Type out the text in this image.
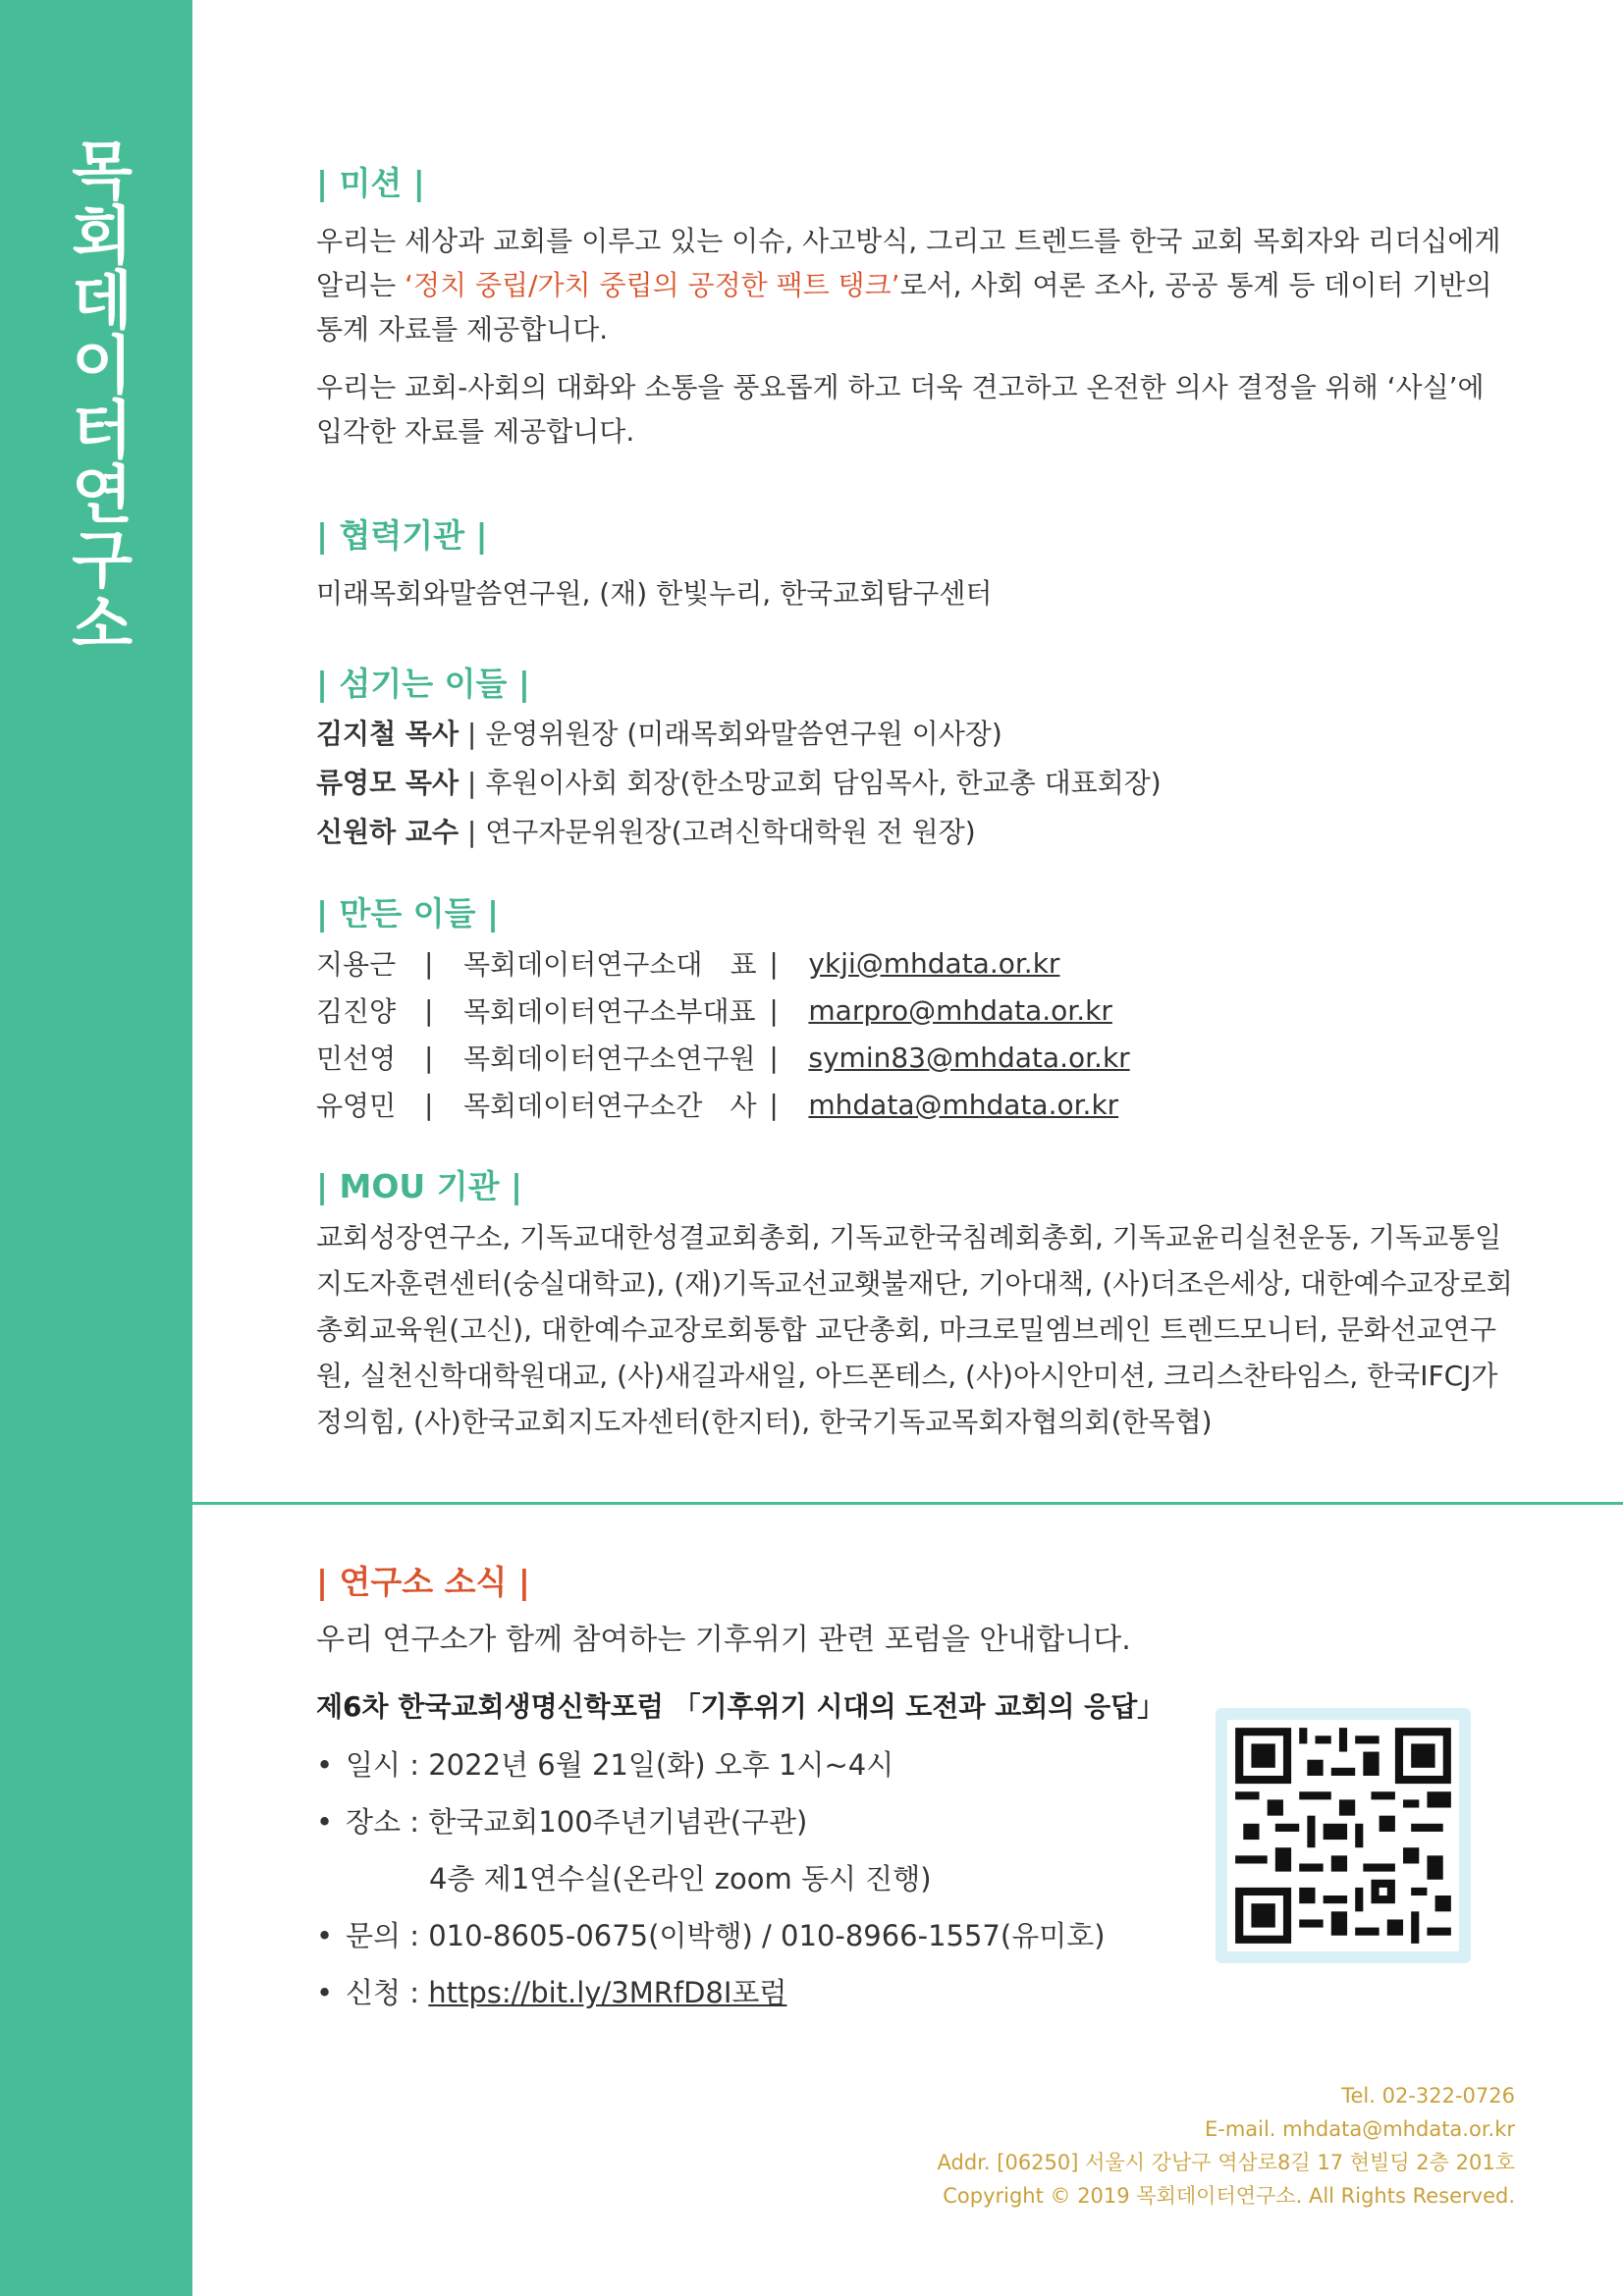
목회데이터연구소	| 미션 |

우리는 세상과 교회를 이루고 있는 이슈, 사고방식, 그리고 트렌드를 한국 교회 목회자와 리더십에게 알리는 ‘정치 중립/가치 중립의 공정한 팩트 탱크’로서, 사회 여론 조사, 공공 통계 등 데이터 기반의 통계 자료를 제공합니다.

우리는 교회-사회의 대화와 소통을 풍요롭게 하고 더욱 견고하고 온전한 의사 결정을 위해 ‘사실’에 입각한 자료를 제공합니다.

| 협력기관 |
미래목회와말씀연구원, (재) 한빛누리, 한국교회탐구센터
| 섬기는 이들 |
김지철 목사 | 운영위원장 (미래목회와말씀연구원 이사장)
류영모 목사 | 후원이사회 회장(한소망교회 담임목사, 한교총 대표회장)
신원하 교수 | 연구자문위원장(고려신학대학원 전 원장)
| 만든 이들 |
지용근	|	목회데이터연구소	대　표	|	ykji@mhdata.or.kr
김진양	|	목회데이터연구소	부대표	|	marpro@mhdata.or.kr
민선영	|	목회데이터연구소	연구원	|	symin83@mhdata.or.kr
유영민	|	목회데이터연구소	간　사	|	mhdata@mhdata.or.kr
| MOU 기관 |
교회성장연구소, 기독교대한성결교회총회, 기독교한국침례회총회, 기독교윤리실천운동, 기독교통일지도자훈련센터(숭실대학교), (재)기독교선교횃불재단, 기아대책, (사)더조은세상, 대한예수교장로회총회교육원(고신), 대한예수교장로회통합 교단총회, 마크로밀엠브레인 트렌드모니터, 문화선교연구원, 실천신학대학원대교, (사)새길과새일, 아드폰테스, (사)아시안미션, 크리스찬타임스, 한국IFCJ가정의힘, (사)한국교회지도자센터(한지터), 한국기독교목회자협의회(한목협)
| 연구소 소식 |
우리 연구소가 함께 참여하는 기후위기 관련 포럼을 안내합니다.
제6차 한국교회생명신학포럼 「기후위기 시대의 도전과 교회의 응답」
• 일시 : 2022년 6월 21일(화) 오후 1시~4시
• 장소 : 한국교회100주년기념관(구관)
4층 제1연수실(온라인 zoom 동시 진행)
• 문의 : 010-8605-0675(이박행) / 010-8966-1557(유미호)
• 신청 : https://bit.ly/3MRfD8I포럼
Tel. 02-322-0726
E-mail. mhdata@mhdata.or.kr
Addr. [06250] 서울시 강남구 역삼로8길 17 현빌딩 2층 201호
Copyright © 2019 목회데이터연구소. All Rights Reserved.
